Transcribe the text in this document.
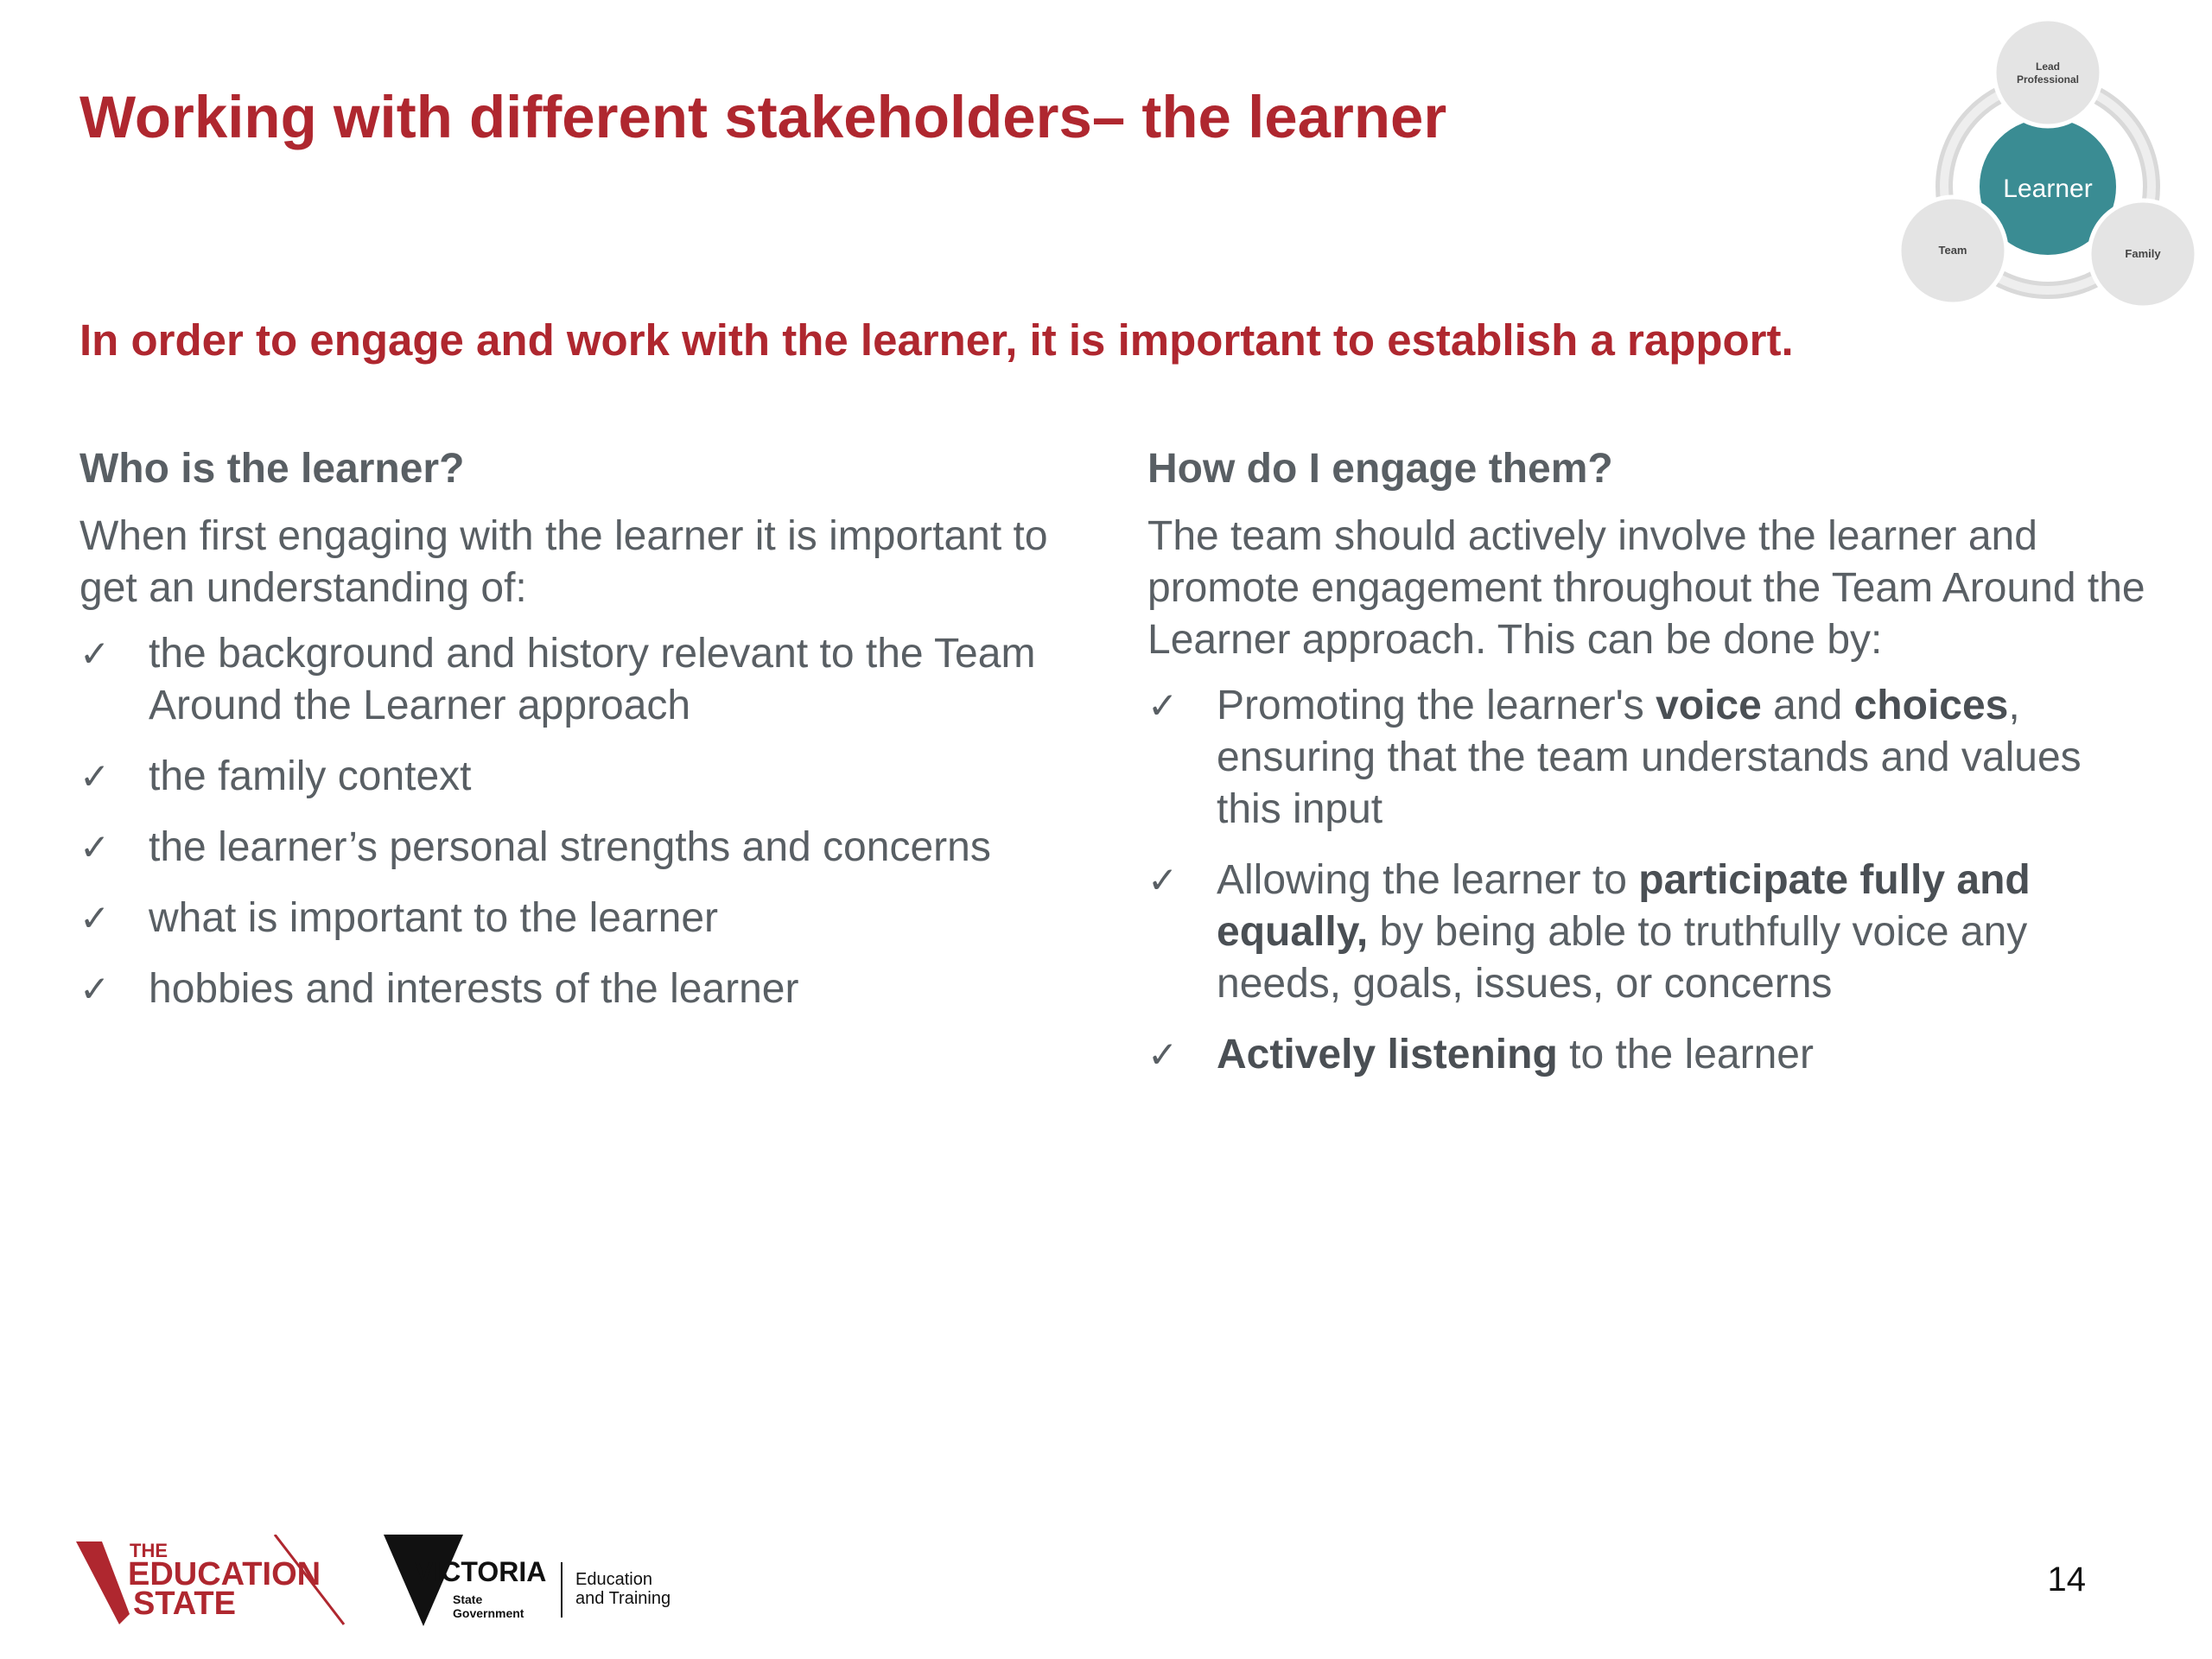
Working with different stakeholders– the learner
Learner
Lead
Professional
Team	Family
In order to engage and work with the learner, it is important to establish a rapport.
Who is the learner?

When first engaging with the learner it is important to get an understanding of:

✓ the background and history relevant to the Team Around the Learner approach
✓ the family context
✓ the learner’s personal strengths and concerns
✓ what is important to the learner
✓ hobbies and interests of the learner
How do I engage them?

The team should actively involve the learner and promote engagement throughout the Team Around the Learner approach. This can be done by:

✓ Promoting the learner's voice and choices, ensuring that the team understands and values this input
✓ Allowing the learner to participate fully and equally, by being able to truthfully voice any needs, goals, issues, or concerns
✓ Actively listening to the learner
THE
EDUCATION
STATE
VICTORIA
State
Government
Education
and Training	14
